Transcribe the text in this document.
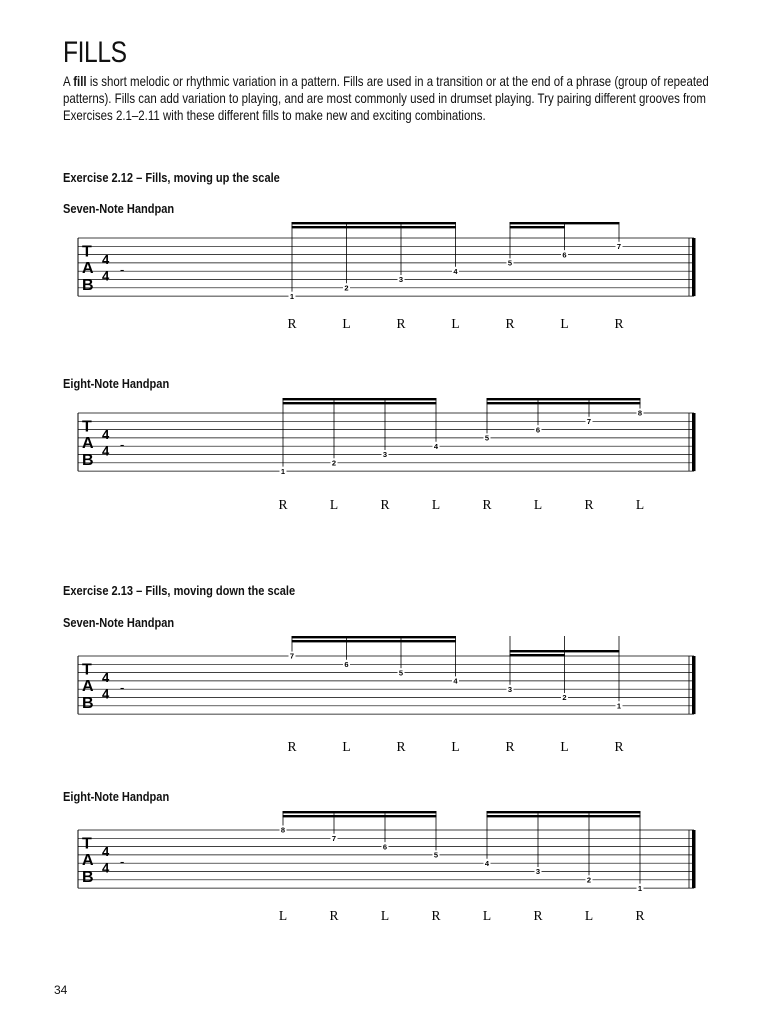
FILLS

A fill is short melodic or rhythmic variation in a pattern. Fills are used in a transition or at the end of a phrase (group of repeated patterns). Fills can add variation to playing, and are most commonly used in drumset playing. Try pairing different grooves from Exercises 2.1–2.11 with these different fills to make new and exciting combinations.

Exercise 2.12 – Fills, moving up the scale
Seven-Note Handpan
T
A
B
4
4 -
1
R
2
L
3
R
4
L
5
R
6
L
7
R
Eight-Note Handpan
T
A
B
4
4 -
1
R
2
L
3
R
4
L
5
R
6
L
7
R
8
L
Exercise 2.13 – Fills, moving down the scale
Seven-Note Handpan
T
A
B
4
4 -
7
R
6
L
5
R
4
L
3
R
2
L
1
R
Eight-Note Handpan
T
A
B
4
4 -
8
L
7
R
6
L
5
R
4
L
3
R
2
L
1
R
34
